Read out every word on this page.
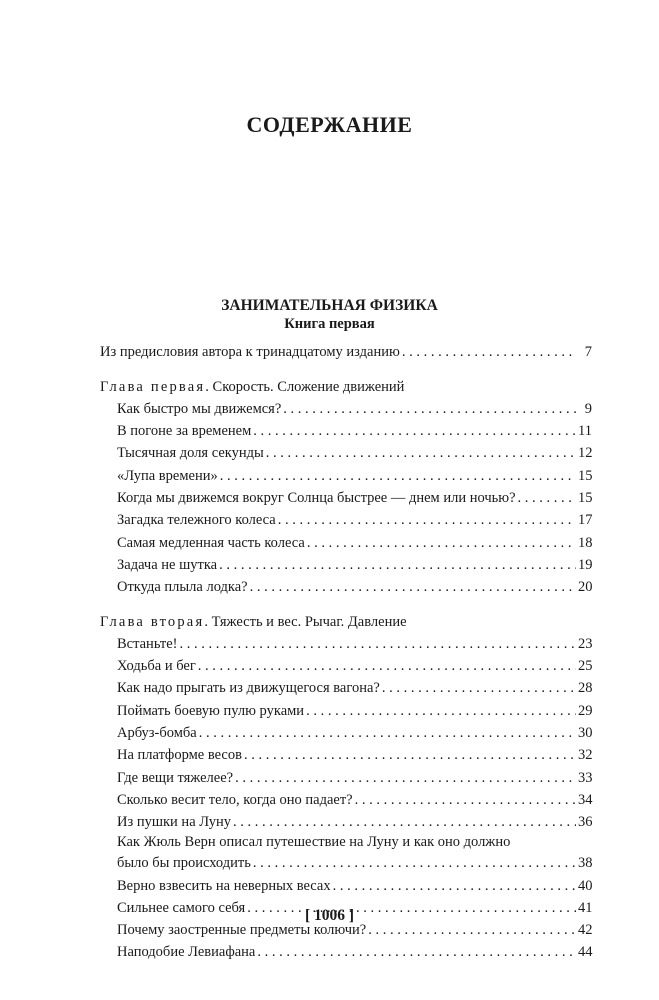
СОДЕРЖАНИЕ
ЗАНИМАТЕЛЬНАЯ ФИЗИКА
Книга первая
Из предисловия автора к тринадцатому изданию . . .	7
Глава первая . Скорость. Сложение движений
Как быстро мы движемся? . . .	9
В погоне за временем . . .	11
Тысячная доля секунды . . .	12
«Лупа времени» . . .	15
Когда мы движемся вокруг Солнца быстрее — днем или ночью? . . .	15
Загадка тележного колеса . . .	17
Самая медленная часть колеса . . .	18
Задача не шутка . . .	19
Откуда плыла лодка? . . .	20
Глава вторая . Тяжесть и вес. Рычаг. Давление
Встаньте! . . .	23
Ходьба и бег . . .	25
Как надо прыгать из движущегося вагона? . . .	28
Поймать боевую пулю руками . . .	29
Арбуз-бомба . . .	30
На платформе весов . . .	32
Где вещи тяжелее? . . .	33
Сколько весит тело, когда оно падает? . . .	34
Из пушки на Луну . . .	36
Как Жюль Верн описал путешествие на Луну и как оно должно
было бы происходить . . .	38
Верно взвесить на неверных весах . . .	40
Сильнее самого себя . . .	41
Почему заостренные предметы колючи? . . .	42
Наподобие Левиафана . . .	44
[ 1006 ]
